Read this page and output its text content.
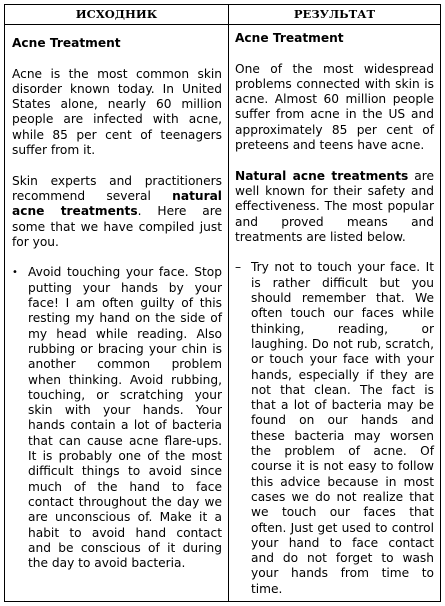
ИСХОДНИК	РЕЗУЛЬТАТ

Acne Treatment

Acne is the most common skin disorder known today. In United States alone, nearly 60 million people are infected with acne, while 85 per cent of teenagers suffer from it.

Skin experts and practitioners recommend several natural acne treatments. Here are some that we have compiled just for you.

• Avoid touching your face. Stop putting your hands by your face! I am often guilty of this resting my hand on the side of my head while reading. Also rubbing or bracing your chin is another common problem when thinking. Avoid rubbing, touching, or scratching your skin with your hands. Your hands contain a lot of bacteria that can cause acne flare-ups. It is probably one of the most difficult things to avoid since much of the hand to face contact throughout the day we are unconscious of. Make it a habit to avoid hand contact and be conscious of it during the day to avoid bacteria.

Acne Treatment

One of the most widespread problems connected with skin is acne. Almost 60 million people suffer from acne in the US and approximately 85 per cent of preteens and teens have acne.

Natural acne treatments are well known for their safety and effectiveness. The most popular and proved means and treatments are listed below.

– Try not to touch your face. It is rather difficult but you should remember that. We often touch our faces while thinking, reading, or laughing. Do not rub, scratch, or touch your face with your hands, especially if they are not that clean. The fact is that a lot of bacteria may be found on our hands and these bacteria may worsen the problem of acne. Of course it is not easy to follow this advice because in most cases we do not realize that we touch our faces that often. Just get used to control your hand to face contact and do not forget to wash your hands from time to time.
